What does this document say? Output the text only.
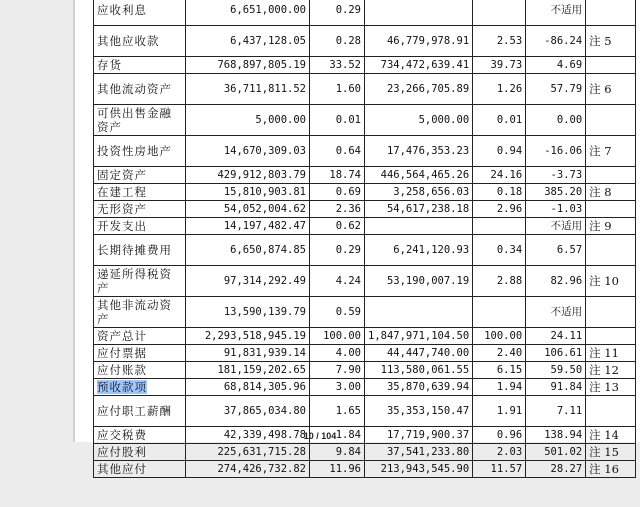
应收利息	6,651,000.00	0.29			不适用	
其他应收款	6,437,128.05	0.28	46,779,978.91	2.53	-86.24	注 5
存货	768,897,805.19	33.52	734,472,639.41	39.73	4.69	
其他流动资产	36,711,811.52	1.60	23,266,705.89	1.26	57.79	注 6
可供出售金融资产	5,000.00	0.01	5,000.00	0.01	0.00	
投资性房地产	14,670,309.03	0.64	17,476,353.23	0.94	-16.06	注 7
固定资产	429,912,803.79	18.74	446,564,465.26	24.16	-3.73	
在建工程	15,810,903.81	0.69	3,258,656.03	0.18	385.20	注 8
无形资产	54,052,004.62	2.36	54,617,238.18	2.96	-1.03	
开发支出	14,197,482.47	0.62			不适用	注 9
长期待摊费用	6,650,874.85	0.29	6,241,120.93	0.34	6.57	
递延所得税资产	97,314,292.49	4.24	53,190,007.19	2.88	82.96	注 10
其他非流动资产	13,590,139.79	0.59			不适用	
资产总计	2,293,518,945.19	100.00	1,847,971,104.50	100.00	24.11	
应付票据	91,831,939.14	4.00	44,447,740.00	2.40	106.61	注 11
应付账款	181,159,202.65	7.90	113,580,061.55	6.15	59.50	注 12
预收款项	68,814,305.96	3.00	35,870,639.94	1.94	91.84	注 13
应付职工薪酬	37,865,034.80	1.65	35,353,150.47	1.91	7.11	
应交税费	42,339,498.78	1.84	17,719,900.37	0.96	138.94	注 14
应付股利	225,631,715.28	9.84	37,541,233.80	2.03	501.02	注 15
其他应付	274,426,732.82	11.96	213,943,545.90	11.57	28.27	注 16
10 / 104
